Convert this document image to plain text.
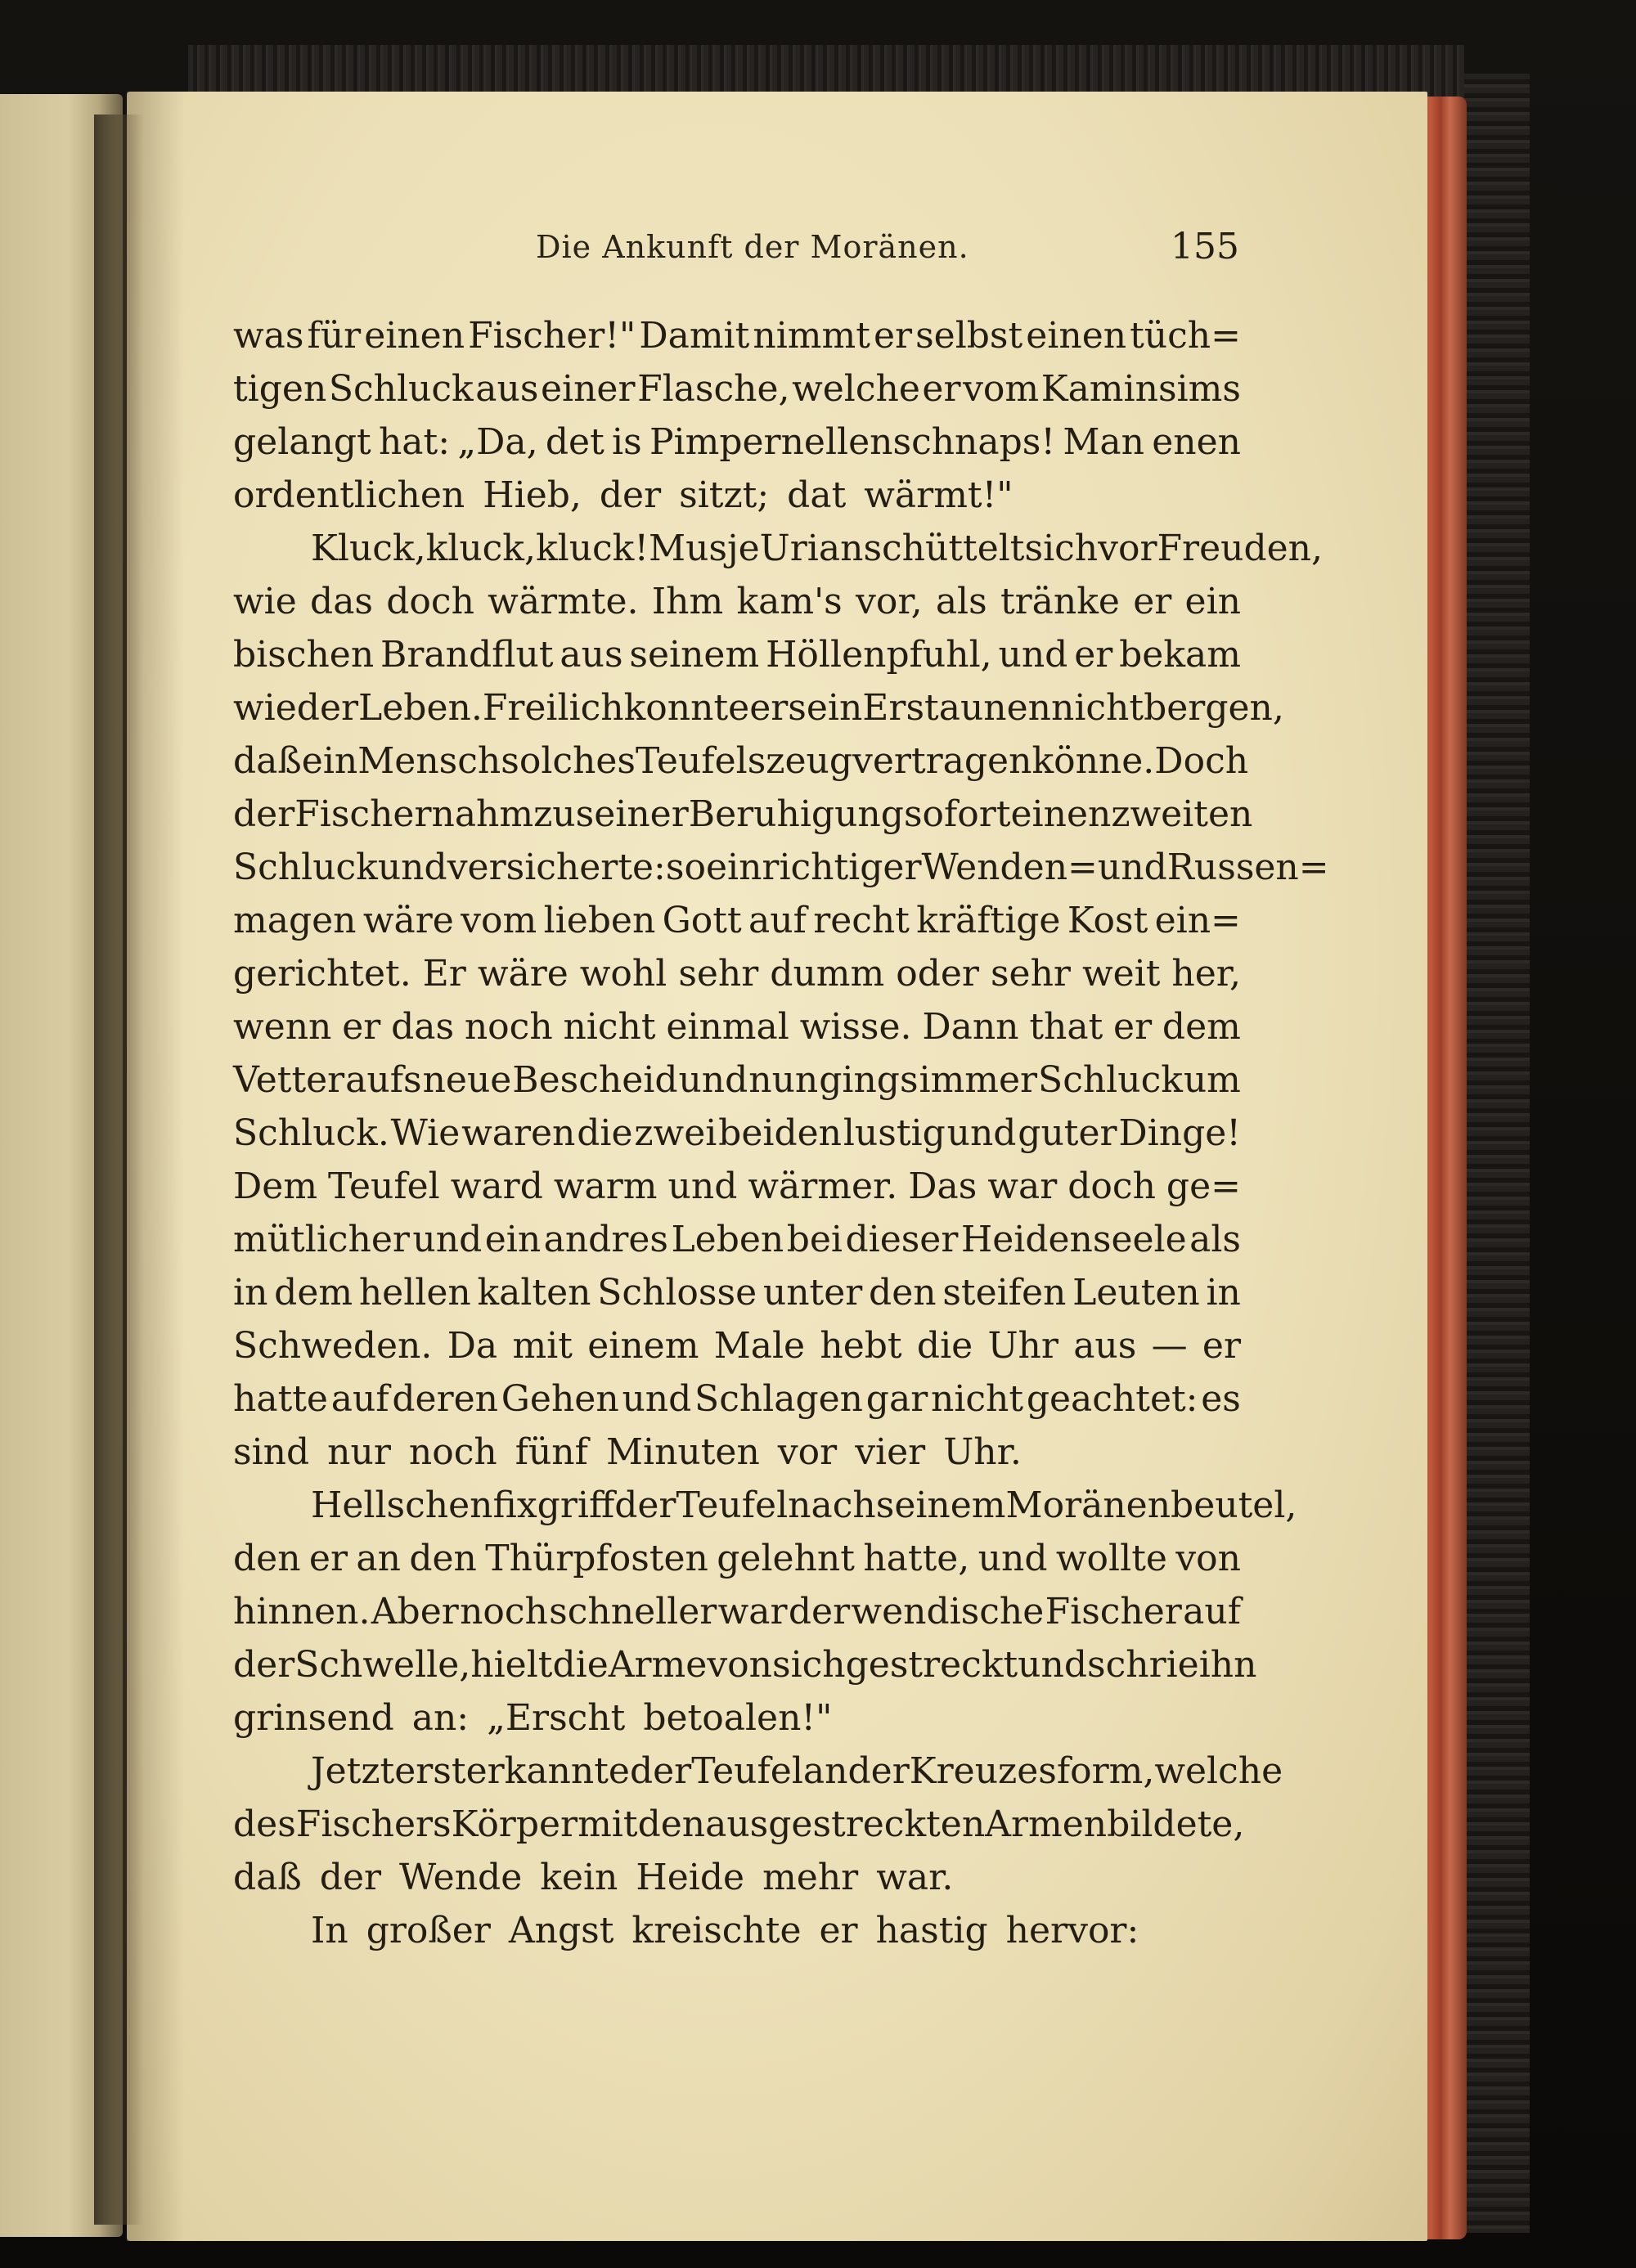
Die Ankunft der Moränen.	155
was für einen Fischer!" Damit nimmt er selbst einen tüch=
tigen Schluck aus einer Flasche, welche er vom Kaminsims
gelangt hat: „Da, det is Pimpernellenschnaps! Man enen
ordentlichen Hieb, der sitzt; dat wärmt!"
Kluck, kluck, kluck! Musje Urian schüttelt sich vor Freuden,
wie das doch wärmte. Ihm kam's vor, als tränke er ein
bischen Brandflut aus seinem Höllenpfuhl, und er bekam
wieder Leben. Freilich konnte er sein Erstaunen nicht bergen,
daß ein Mensch solches Teufelszeug vertragen könne. Doch
der Fischer nahm zu seiner Beruhigung sofort einen zweiten
Schluck und versicherte: so ein richtiger Wenden= und Russen=
magen wäre vom lieben Gott auf recht kräftige Kost ein=
gerichtet. Er wäre wohl sehr dumm oder sehr weit her,
wenn er das noch nicht einmal wisse. Dann that er dem
Vetter aufs neue Bescheid und nun gings immer Schluck um
Schluck. Wie waren die zwei beiden lustig und guter Dinge!
Dem Teufel ward warm und wärmer. Das war doch ge=
mütlicher und ein andres Leben bei dieser Heidenseele als
in dem hellen kalten Schlosse unter den steifen Leuten in
Schweden. Da mit einem Male hebt die Uhr aus — er
hatte auf deren Gehen und Schlagen gar nicht geachtet: es
sind nur noch fünf Minuten vor vier Uhr.
Hellschen fix griff der Teufel nach seinem Moränenbeutel,
den er an den Thürpfosten gelehnt hatte, und wollte von
hinnen. Aber noch schneller war der wendische Fischer auf
der Schwelle, hielt die Arme von sich gestreckt und schrie ihn
grinsend an: „Erscht betoalen!"
Jetzt erst erkannte der Teufel an der Kreuzesform, welche
des Fischers Körper mit den ausgestreckten Armen bildete,
daß der Wende kein Heide mehr war.
In großer Angst kreischte er hastig hervor:
